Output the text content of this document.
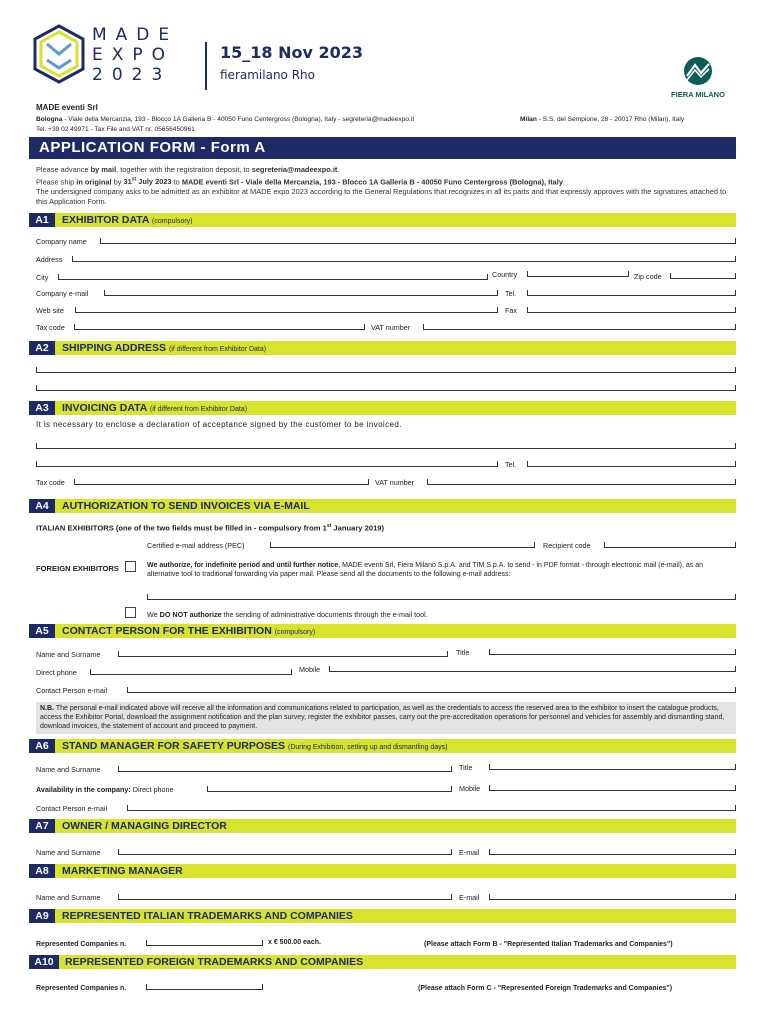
MADE
EXPO
2023
15_18 Nov 2023
fieramilano Rho
FIERA MILANO
MADE eventi Srl
Bologna - Viale della Mercanzia, 193 - Blocco 1A Galleria B - 40050 Funo Centergross (Bologna), Italy - segreteria@madeexpo.it	Milan - S.S. del Sempione, 28 - 20017 Rho (Milan), Italy
Tel. +39 02 49971 - Tax File and VAT nr. 05656450961
APPLICATION FORM - Form A
Please advance by mail, together with the registration deposit, to segreteria@madeexpo.it.
Please ship in original by 31st July 2023 to MADE eventi Srl - Viale della Mercanzia, 193 - Blocco 1A Galleria B - 40050 Funo Centergross (Bologna), Italy.
The undersigned company asks to be admitted as an exhibitor at MADE expo 2023 according to the General Regulations that recognizes in all its parts and that expressly approves with the signatures attached to this Application Form.
A1	EXHIBITOR DATA (compulsory)
Company name
Address
City	Country	Zip code
Company e-mail	Tel.
Web site	Fax
Tax code	VAT number
A2	SHIPPING ADDRESS (if different from Exhibitor Data)
A3	INVOICING DATA (if different from Exhibitor Data)
It is necessary to enclose a declaration of acceptance signed by the customer to be invoiced.
Tel.
Tax code	VAT number
A4	AUTHORIZATION TO SEND INVOICES VIA E-MAIL
ITALIAN EXHIBITORS (one of the two fields must be filled in - compulsory from 1st January 2019)
Certified e-mail address (PEC)	Recipient code
FOREIGN EXHIBITORS	We authorize, for indefinite period and until further notice, MADE eventi Srl, Fiera Milano S.p.A. and TIM S.p.A. to send - in PDF format - through electronic mail (e-mail), as an alternative tool to traditional forwarding via paper mail. Please send all the documents to the following e-mail address:
We DO NOT authorize the sending of administrative documents through the e-mail tool.
A5	CONTACT PERSON FOR THE EXHIBITION (compulsory)
Name and Surname	Title
Direct phone	Mobile
Contact Person e-mail
N.B. The personal e-mail indicated above will receive all the information and communications related to participation, as well as the credentials to access the reserved area to the exhibitor to insert the catalogue products, access the Exhibitor Portal, download the assignment notification and the plan survey, register the exhibitor passes, carry out the pre-accreditation operations for personnel and vehicles for assembly and dismantling stand, download invoices, the statement of account and proceed to payment.
A6	STAND MANAGER FOR SAFETY PURPOSES (During Exhibition, setting up and dismantling days)
Name and Surname	Title
Availability in the company: Direct phone	Mobile
Contact Person e-mail
A7	OWNER / MANAGING DIRECTOR
Name and Surname	E-mail
A8	MARKETING MANAGER
Name and Surname	E-mail
A9	REPRESENTED ITALIAN TRADEMARKS AND COMPANIES
Represented Companies n.	x € 500.00 each.	(Please attach Form B - "Represented Italian Trademarks and Companies")
A10	REPRESENTED FOREIGN TRADEMARKS AND COMPANIES
Represented Companies n.	(Please attach Form C - "Represented Foreign Trademarks and Companies")
